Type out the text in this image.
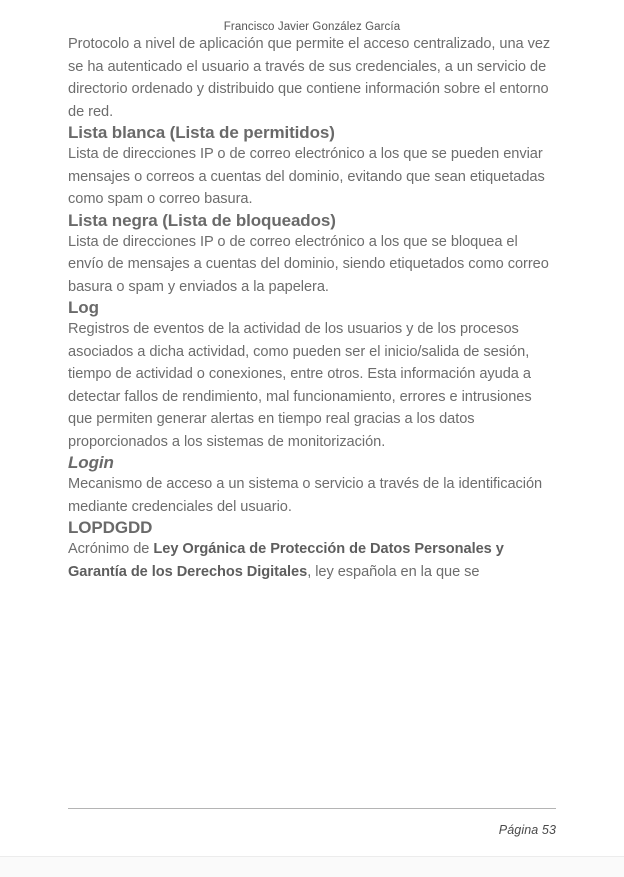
Francisco Javier González García

Protocolo a nivel de aplicación que permite el acceso centralizado, una vez se ha autenticado el usuario a través de sus credenciales, a un servicio de directorio ordenado y distribuido que contiene información sobre el entorno de red.

Lista blanca (Lista de permitidos)

Lista de direcciones IP o de correo electrónico a los que se pueden enviar mensajes o correos a cuentas del dominio, evitando que sean etiquetadas como spam o correo basura.

Lista negra (Lista de bloqueados)

Lista de direcciones IP o de correo electrónico a los que se bloquea el envío de mensajes a cuentas del dominio, siendo etiquetados como correo basura o spam y enviados a la papelera.

Log

Registros de eventos de la actividad de los usuarios y de los procesos asociados a dicha actividad, como pueden ser el inicio/salida de sesión, tiempo de actividad o conexiones, entre otros. Esta información ayuda a detectar fallos de rendimiento, mal funcionamiento, errores e intrusiones que permiten generar alertas en tiempo real gracias a los datos proporcionados a los sistemas de monitorización.

Login

Mecanismo de acceso a un sistema o servicio a través de la identificación mediante credenciales del usuario.

LOPDGDD

Acrónimo de Ley Orgánica de Protección de Datos Personales y Garantía de los Derechos Digitales, ley española en la que se

Página 53
